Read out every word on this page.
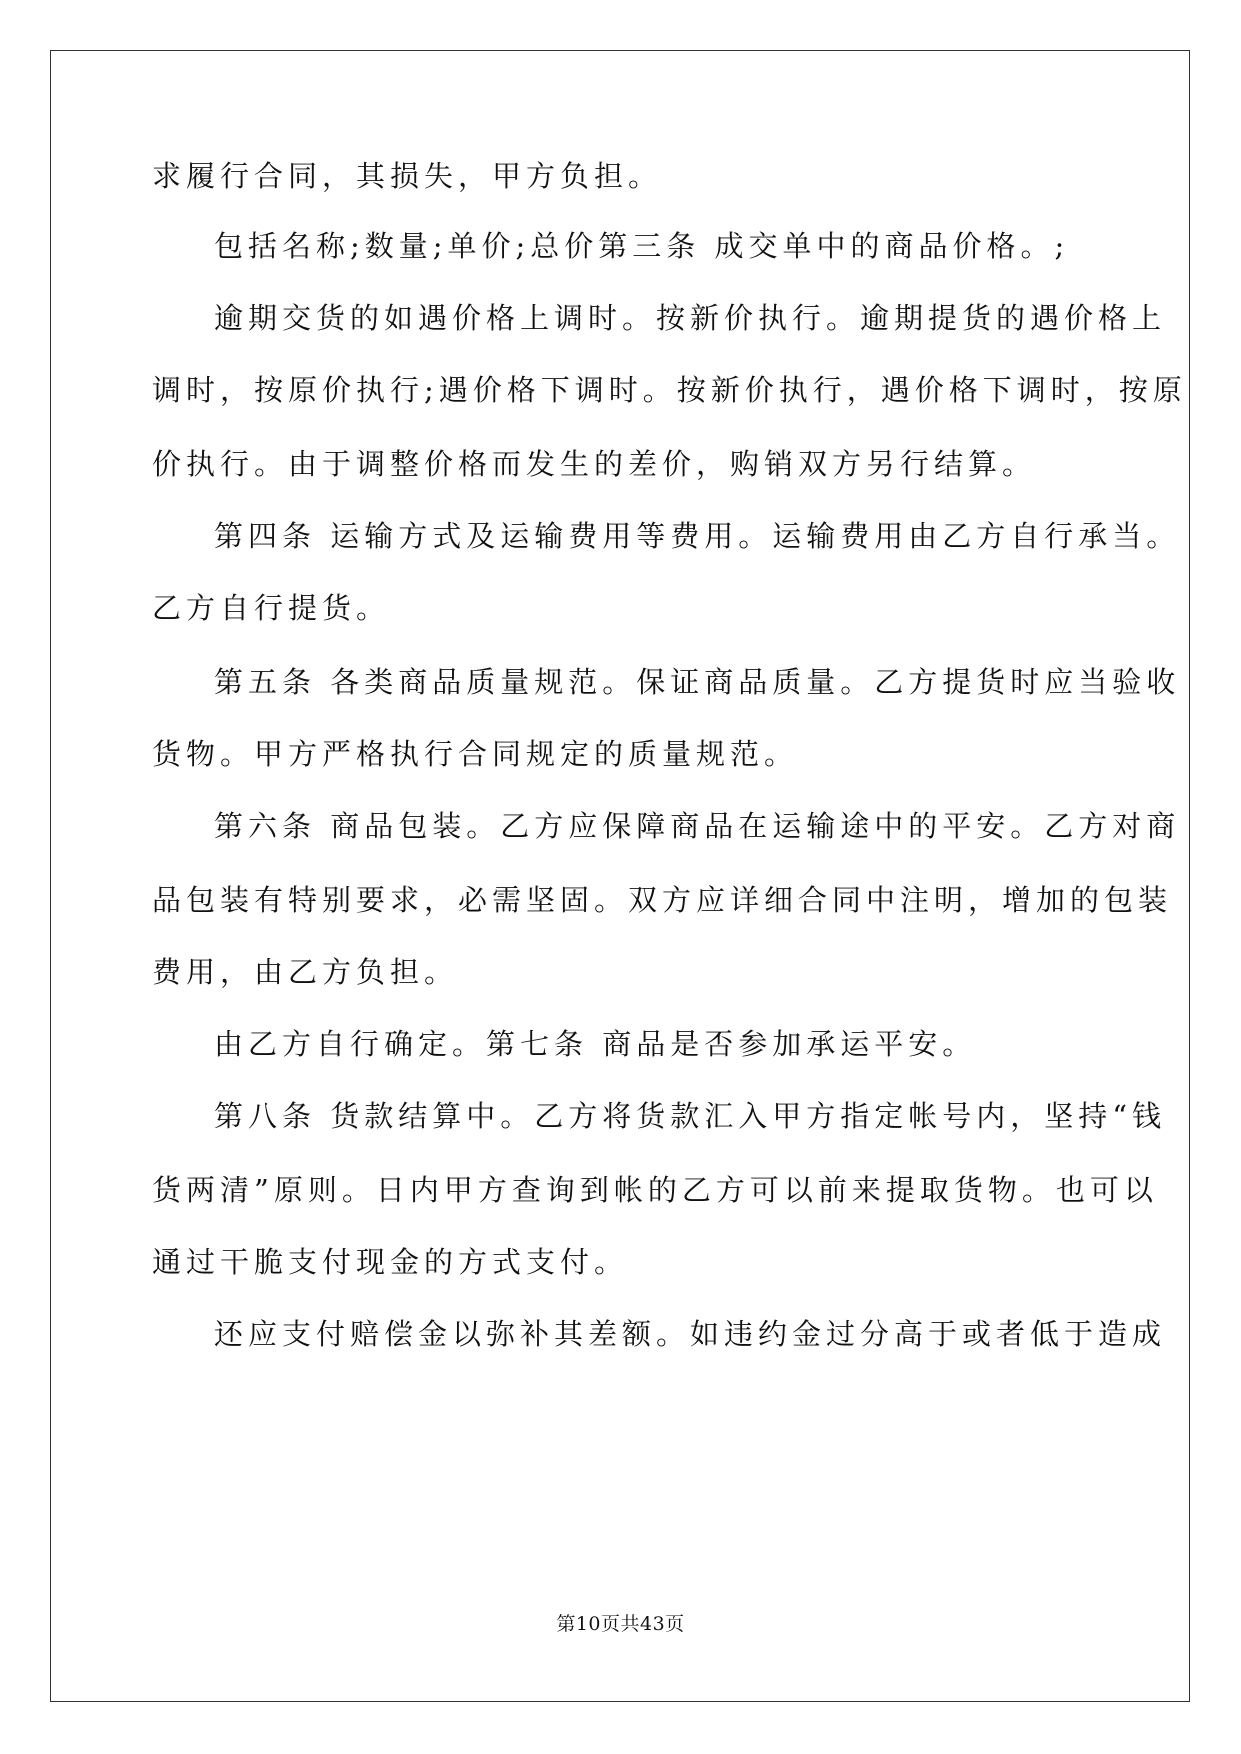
求履行合同，其损失，甲方负担。
包括名称;数量;单价;总价第三条 成交单中的商品价格。;
逾期交货的如遇价格上调时。按新价执行。逾期提货的遇价格上
调时，按原价执行;遇价格下调时。按新价执行，遇价格下调时，按原
价执行。由于调整价格而发生的差价，购销双方另行结算。
第四条 运输方式及运输费用等费用。运输费用由乙方自行承当。
乙方自行提货。
第五条 各类商品质量规范。保证商品质量。乙方提货时应当验收
货物。甲方严格执行合同规定的质量规范。
第六条 商品包装。乙方应保障商品在运输途中的平安。乙方对商
品包装有特别要求，必需坚固。双方应详细合同中注明，增加的包装
费用，由乙方负担。
由乙方自行确定。第七条 商品是否参加承运平安。
第八条 货款结算中。乙方将货款汇入甲方指定帐号内，坚持“钱
货两清”原则。日内甲方查询到帐的乙方可以前来提取货物。也可以
通过干脆支付现金的方式支付。
还应支付赔偿金以弥补其差额。如违约金过分高于或者低于造成
第10页共43页
